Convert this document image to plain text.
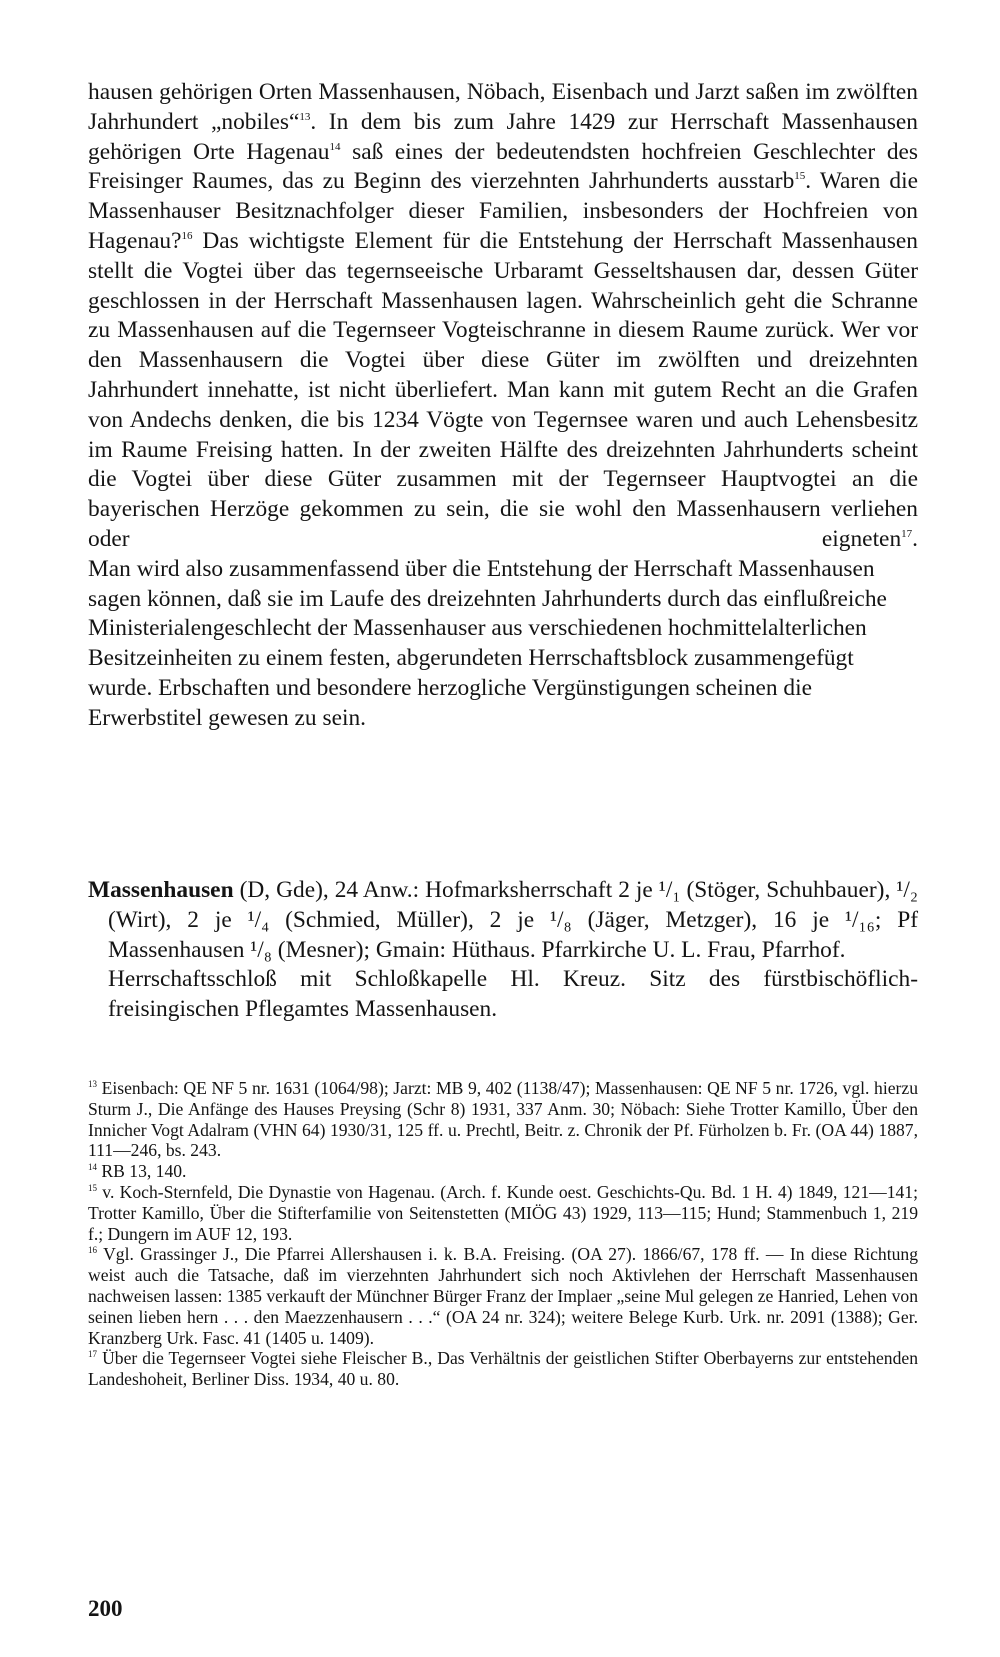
hausen gehörigen Orten Massenhausen, Nöbach, Eisenbach und Jarzt saßen im zwölften Jahrhundert „nobiles“$^{13}$. In dem bis zum Jahre 1429 zur Herrschaft Massenhausen gehörigen Orte Hagenau$^{14}$ saß eines der bedeutendsten hochfreien Geschlechter des Freisinger Raumes, das zu Beginn des vierzehnten Jahrhunderts ausstarb$^{15}$. Waren die Massenhauser Besitznachfolger dieser Familien, insbesonders der Hochfreien von Hagenau?$^{16}$ Das wichtigste Element für die Entstehung der Herrschaft Massenhausen stellt die Vogtei über das tegernseeische Urbaramt Gesseltshausen dar, dessen Güter geschlossen in der Herrschaft Massenhausen lagen. Wahrscheinlich geht die Schranne zu Massenhausen auf die Tegernseer Vogteischranne in diesem Raume zurück. Wer vor den Massenhausern die Vogtei über diese Güter im zwölften und dreizehnten Jahrhundert innehatte, ist nicht überliefert. Man kann mit gutem Recht an die Grafen von Andechs denken, die bis 1234 Vögte von Tegernsee waren und auch Lehensbesitz im Raume Freising hatten. In der zweiten Hälfte des dreizehnten Jahrhunderts scheint die Vogtei über diese Güter zusammen mit der Tegernseer Hauptvogtei an die bayerischen Herzöge gekommen zu sein, die sie wohl den Massenhausern verliehen oder eigneten$^{17}$.

Man wird also zusammenfassend über die Entstehung der Herrschaft Massenhausen sagen können, daß sie im Laufe des dreizehnten Jahrhunderts durch das einflußreiche Ministerialengeschlecht der Massenhauser aus verschiedenen hochmittelalterlichen Besitzeinheiten zu einem festen, abgerundeten Herrschaftsblock zusammengefügt wurde. Erbschaften und besondere herzogliche Vergünstigungen scheinen die Erwerbstitel gewesen zu sein.

Massenhausen (D, Gde), 24 Anw.: Hofmarksherrschaft 2 je ¹/₁ (Stöger, Schuhbauer), ¹/₂ (Wirt), 2 je ¹/₄ (Schmied, Müller), 2 je ¹/₈ (Jäger, Metzger), 16 je ¹/₁₆; Pf Massenhausen ¹/₈ (Mesner); Gmain: Hüthaus. Pfarrkirche U. L. Frau, Pfarrhof.

Herrschaftsschloß mit Schloßkapelle Hl. Kreuz. Sitz des fürstbischöflich-freisingischen Pflegamtes Massenhausen.

$^{13}$ Eisenbach: QE NF 5 nr. 1631 (1064/98); Jarzt: MB 9, 402 (1138/47); Massenhausen: QE NF 5 nr. 1726, vgl. hierzu Sturm J., Die Anfänge des Hauses Preysing (Schr 8) 1931, 337 Anm. 30; Nöbach: Siehe Trotter Kamillo, Über den Innicher Vogt Adalram (VHN 64) 1930/31, 125 ff. u. Prechtl, Beitr. z. Chronik der Pf. Fürholzen b. Fr. (OA 44) 1887, 111—246, bs. 243.

$^{14}$ RB 13, 140.

$^{15}$ v. Koch-Sternfeld, Die Dynastie von Hagenau. (Arch. f. Kunde oest. Geschichts-Qu. Bd. 1 H. 4) 1849, 121—141; Trotter Kamillo, Über die Stifterfamilie von Seitenstetten (MIÖG 43) 1929, 113—115; Hund; Stammenbuch 1, 219 f.; Dungern im AUF 12, 193.

$^{16}$ Vgl. Grassinger J., Die Pfarrei Allershausen i. k. B.A. Freising. (OA 27). 1866/67, 178 ff. — In diese Richtung weist auch die Tatsache, daß im vierzehnten Jahrhundert sich noch Aktivlehen der Herrschaft Massenhausen nachweisen lassen: 1385 verkauft der Münchner Bürger Franz der Implaer „seine Mul gelegen ze Hanried, Lehen von seinen lieben hern . . . den Maezzenhausern . . .“ (OA 24 nr. 324); weitere Belege Kurb. Urk. nr. 2091 (1388); Ger. Kranzberg Urk. Fasc. 41 (1405 u. 1409).

$^{17}$ Über die Tegernseer Vogtei siehe Fleischer B., Das Verhältnis der geistlichen Stifter Oberbayerns zur entstehenden Landeshoheit, Berliner Diss. 1934, 40 u. 80.

200
